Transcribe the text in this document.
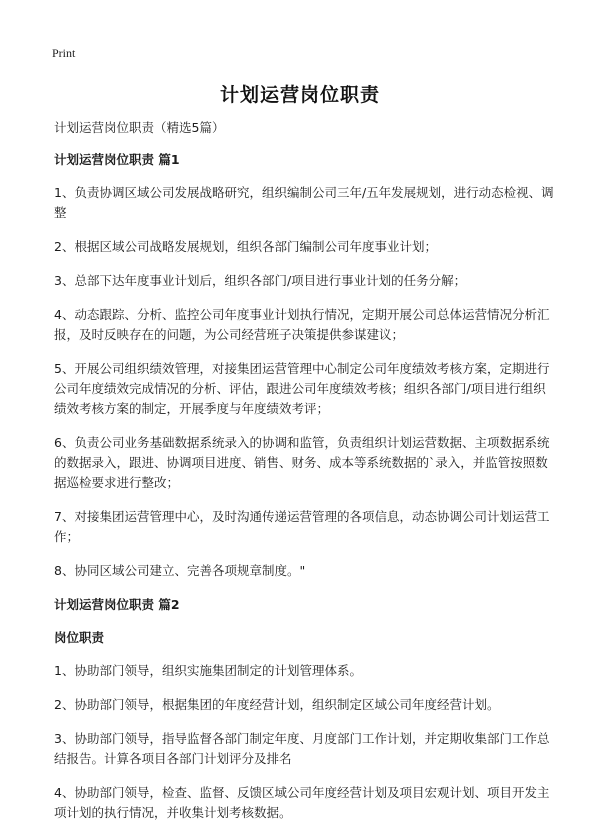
Print
计划运营岗位职责

计划运营岗位职责（精选5篇）

计划运营岗位职责 篇1

1、负责协调区域公司发展战略研究，组织编制公司三年/五年发展规划，进行动态检视、调整

2、根据区域公司战略发展规划，组织各部门编制公司年度事业计划；

3、总部下达年度事业计划后，组织各部门/项目进行事业计划的任务分解；

4、动态跟踪、分析、监控公司年度事业计划执行情况，定期开展公司总体运营情况分析汇报，及时反映存在的问题，为公司经营班子决策提供参谋建议；

5、开展公司组织绩效管理，对接集团运营管理中心制定公司年度绩效考核方案，定期进行公司年度绩效完成情况的分析、评估，跟进公司年度绩效考核；组织各部门/项目进行组织绩效考核方案的制定，开展季度与年度绩效考评；

6、负责公司业务基础数据系统录入的协调和监管，负责组织计划运营数据、主项数据系统的数据录入，跟进、协调项目进度、销售、财务、成本等系统数据的`录入，并监管按照数据巡检要求进行整改；

7、对接集团运营管理中心，及时沟通传递运营管理的各项信息，动态协调公司计划运营工作；

8、协同区域公司建立、完善各项规章制度。"

计划运营岗位职责 篇2

岗位职责

1、协助部门领导，组织实施集团制定的计划管理体系。

2、协助部门领导，根据集团的年度经营计划，组织制定区域公司年度经营计划。

3、协助部门领导，指导监督各部门制定年度、月度部门工作计划，并定期收集部门工作总结报告。计算各项目各部门计划评分及排名

4、协助部门领导，检查、监督、反馈区域公司年度经营计划及项目宏观计划、项目开发主项计划的执行情况，并收集计划考核数据。
